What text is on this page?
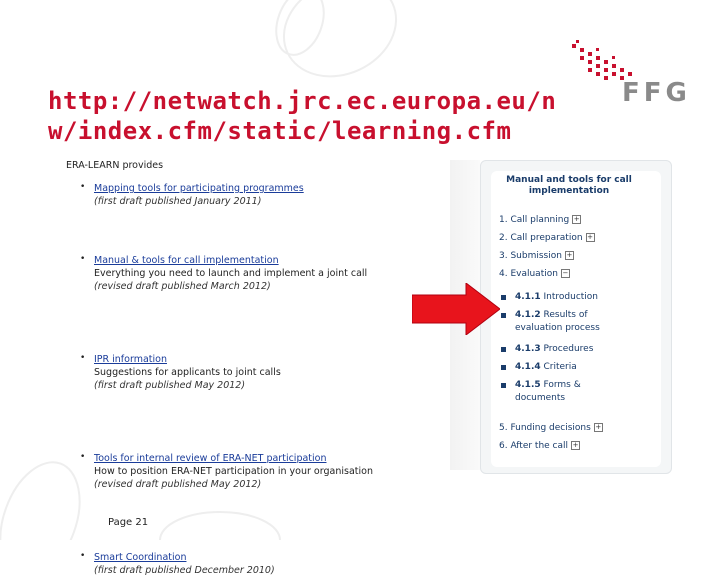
http://netwatch.jrc.ec.europa.eu/n
w/index.cfm/static/learning.cfm
FFG
ERA-LEARN provides
• Mapping tools for participating programmes
(first draft published January 2011)
• Manual & tools for call implementation
Everything you need to launch and implement a joint call
(revised draft published March 2012)
• IPR information
Suggestions for applicants to joint calls
(first draft published May 2012)
• Tools for internal review of ERA-NET participation
How to position ERA-NET participation in your organisation
(revised draft published May 2012)
• Smart Coordination
(first draft published December 2010)
Manual and tools for call implementation
1. Call planning +
2. Call preparation +
3. Submission +
4. Evaluation −
4.1.1 Introduction
4.1.2 Results of evaluation process
4.1.3 Procedures
4.1.4 Criteria
4.1.5 Forms & documents
5. Funding decisions +
6. After the call +
Page 21
